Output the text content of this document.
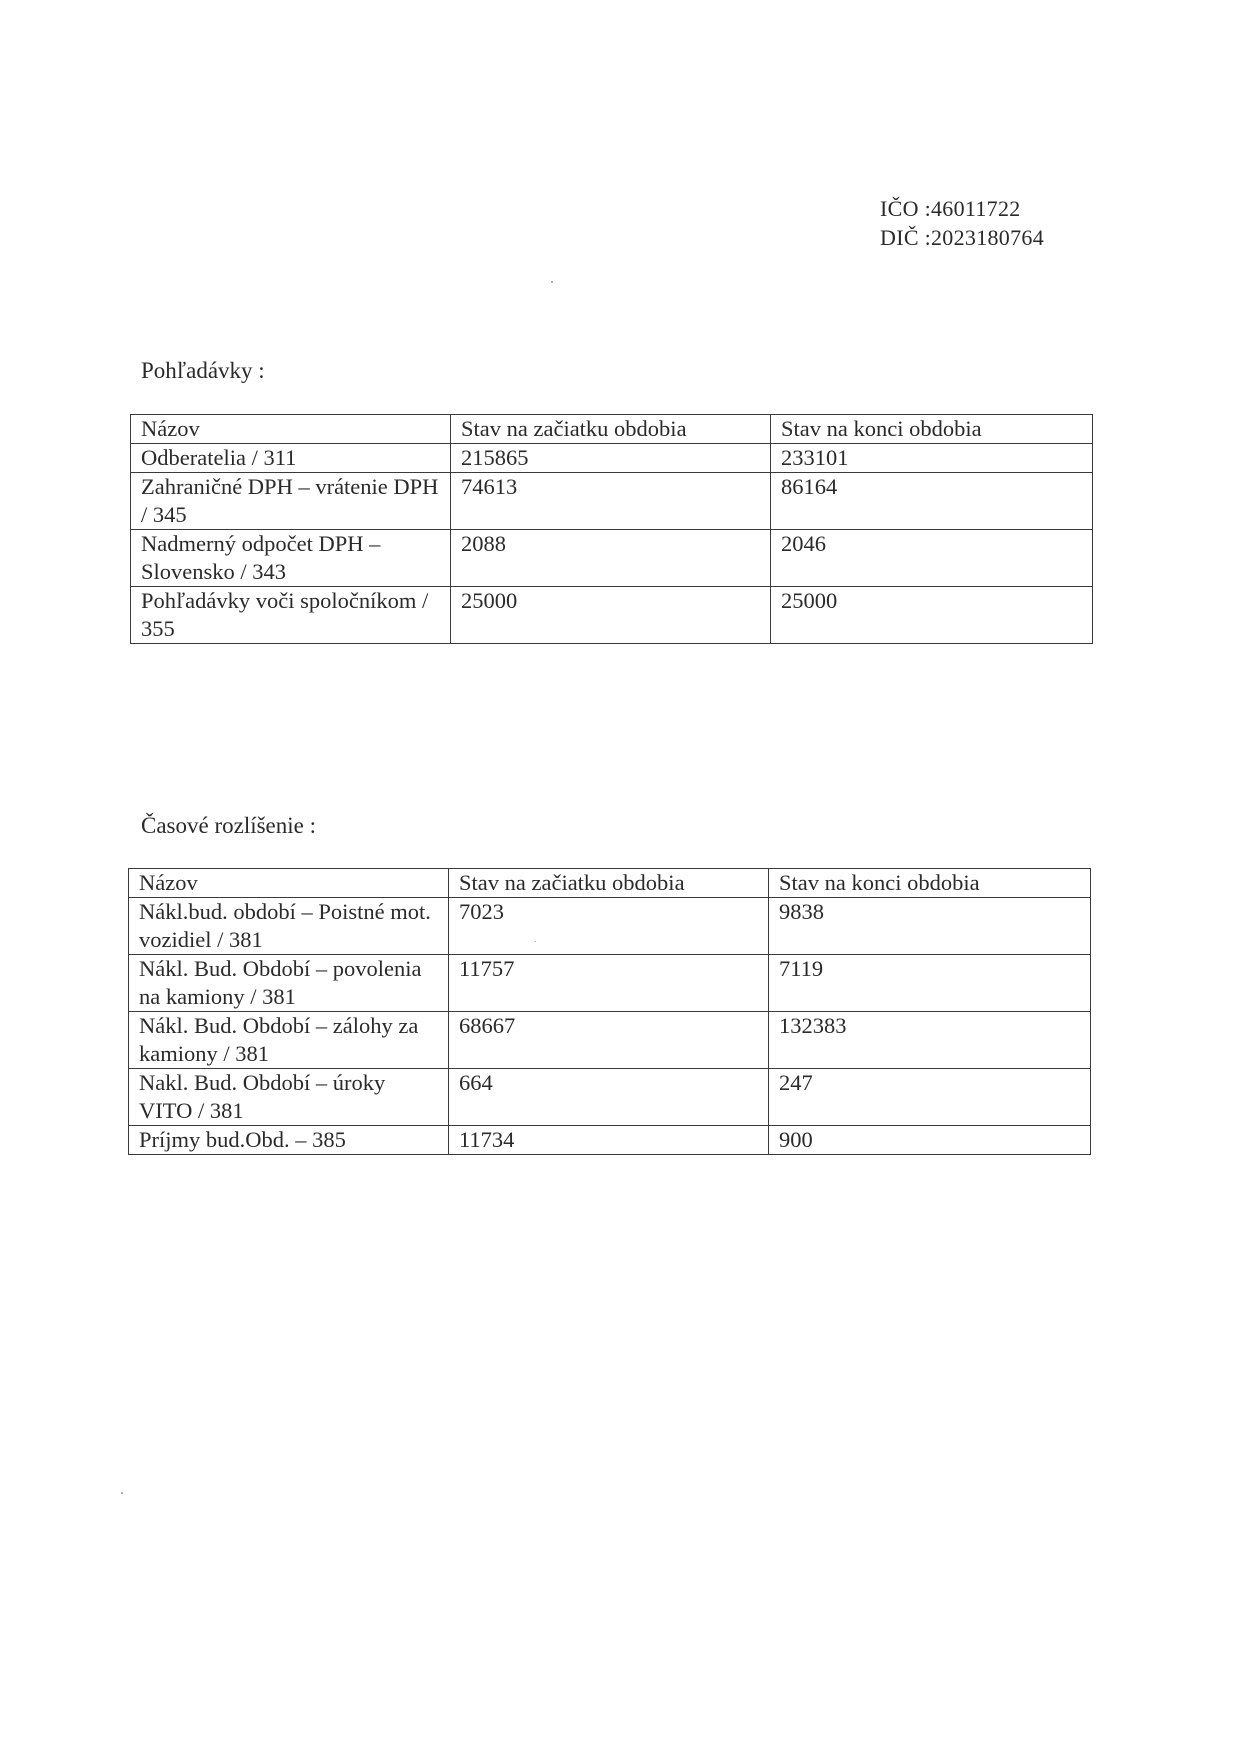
IČO :46011722
DIČ :2023180764
Pohľadávky :
Názov	Stav na začiatku obdobia	Stav na konci obdobia
Odberatelia / 311	215865	233101
Zahraničné DPH – vrátenie DPH / 345	74613	86164
Nadmerný odpočet DPH – Slovensko / 343	2088	2046
Pohľadávky voči spoločníkom / 355	25000	25000
Časové rozlíšenie :
Názov	Stav na začiatku obdobia	Stav na konci obdobia
Nákl.bud. období – Poistné mot. vozidiel / 381	7023	9838
Nákl. Bud. Období – povolenia na kamiony / 381	11757	7119
Nákl. Bud. Období – zálohy za kamiony / 381	68667	132383
Nakl. Bud. Období – úroky VITO / 381	664	247
Príjmy bud.Obd. – 385	11734	900
